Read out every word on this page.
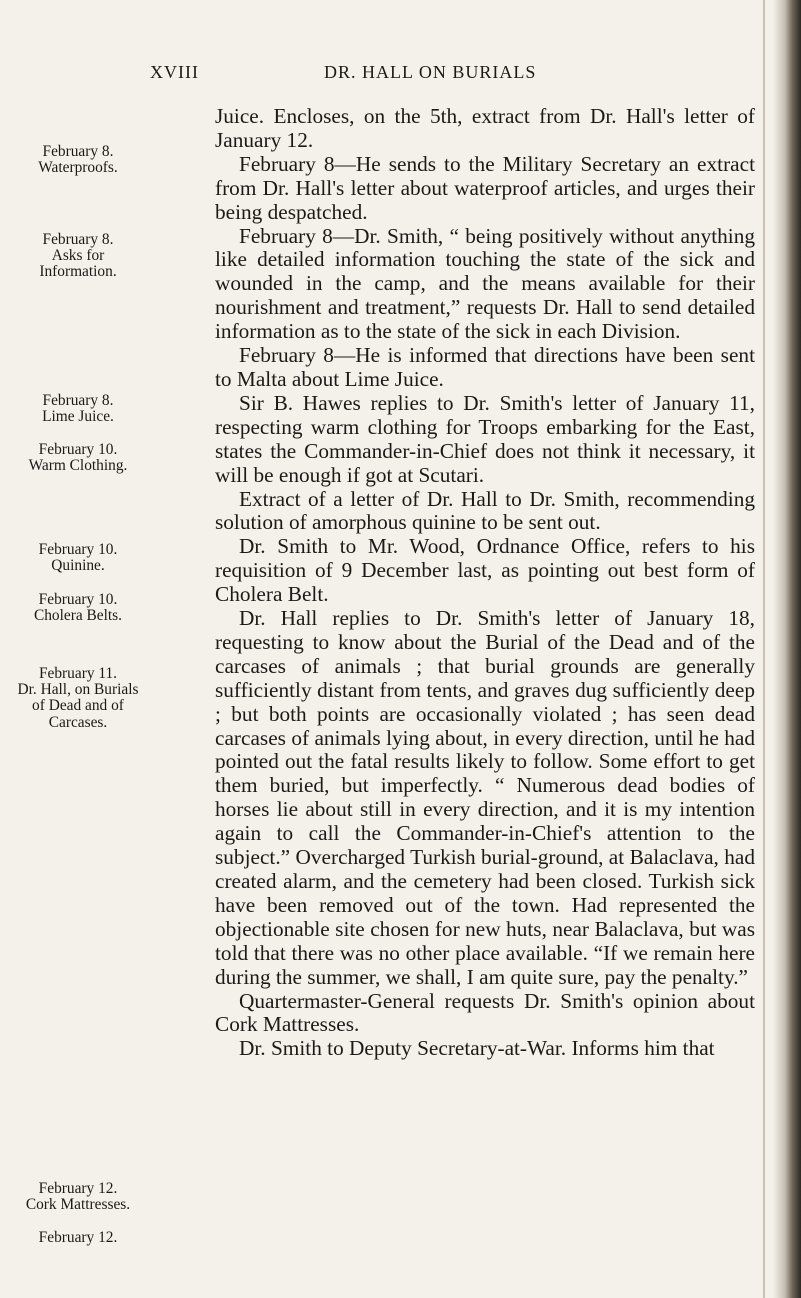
XVIII	DR. HALL ON BURIALS
February 8.
Waterproofs.
February 8.
Asks for Information.
February 8.
Lime Juice.
February 10.
Warm Clothing.
February 10.
Quinine.
February 10.
Cholera Belts.
February 11.
Dr. Hall, on Burials of Dead and of Carcases.
February 12.
Cork Mattresses.
February 12.

Juice. Encloses, on the 5th, extract from Dr. Hall's letter of January 12.

February 8—He sends to the Military Secretary an extract from Dr. Hall's letter about waterproof articles, and urges their being despatched.

February 8—Dr. Smith, “ being positively without anything like detailed information touching the state of the sick and wounded in the camp, and the means available for their nourishment and treatment,” requests Dr. Hall to send detailed information as to the state of the sick in each Division.

February 8—He is informed that directions have been sent to Malta about Lime Juice.

Sir B. Hawes replies to Dr. Smith's letter of January 11, respecting warm clothing for Troops embarking for the East, states the Commander-in-Chief does not think it necessary, it will be enough if got at Scutari.

Extract of a letter of Dr. Hall to Dr. Smith, recommending solution of amorphous quinine to be sent out.

Dr. Smith to Mr. Wood, Ordnance Office, refers to his requisition of 9 December last, as pointing out best form of Cholera Belt.

Dr. Hall replies to Dr. Smith's letter of January 18, requesting to know about the Burial of the Dead and of the carcases of animals ; that burial grounds are generally sufficiently distant from tents, and graves dug sufficiently deep ; but both points are occasionally violated ; has seen dead carcases of animals lying about, in every direction, until he had pointed out the fatal results likely to follow. Some effort to get them buried, but imperfectly. “ Numerous dead bodies of horses lie about still in every direction, and it is my intention again to call the Commander-in-Chief's attention to the subject.” Overcharged Turkish burial-ground, at Balaclava, had created alarm, and the cemetery had been closed. Turkish sick have been removed out of the town. Had represented the objectionable site chosen for new huts, near Balaclava, but was told that there was no other place available. “If we remain here during the summer, we shall, I am quite sure, pay the penalty.”

Quartermaster-General requests Dr. Smith's opinion about Cork Mattresses.

Dr. Smith to Deputy Secretary-at-War. Informs him that
